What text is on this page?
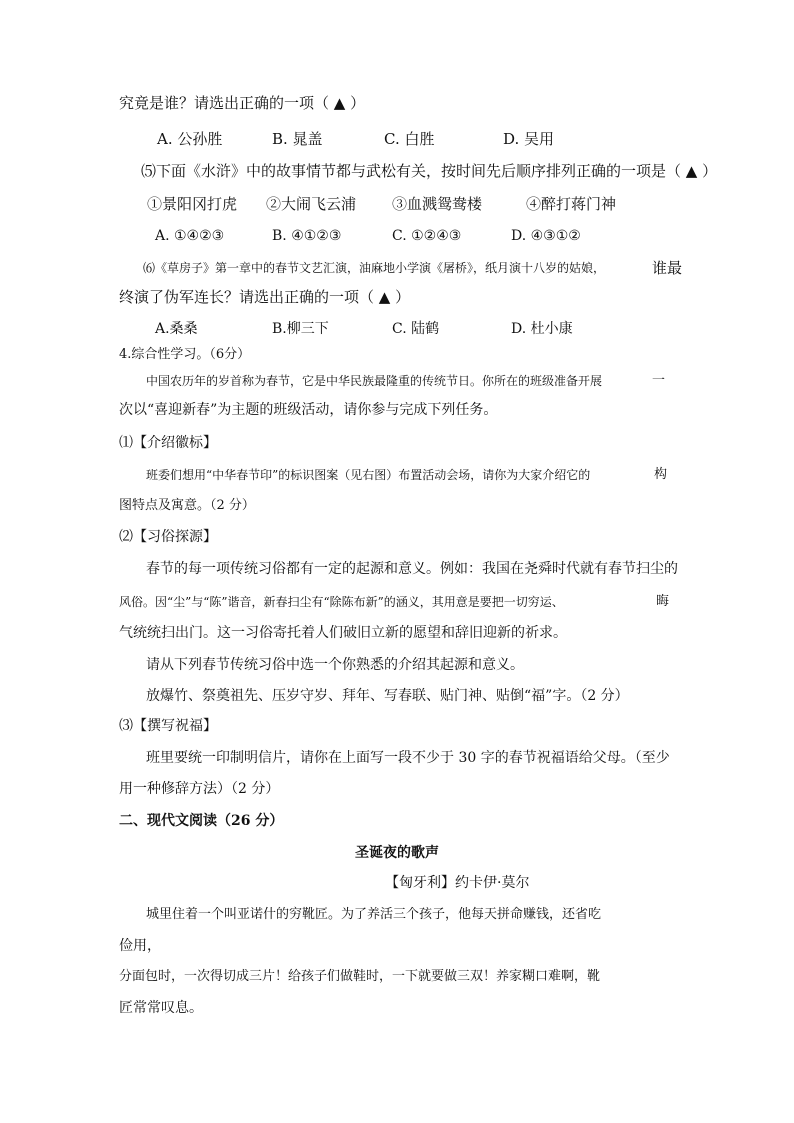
究竟是谁？请选出正确的一项（ ▲ ）
A. 公孙胜	B. 晁盖	C. 白胜	D. 吴用
⑸下面《水浒》中的故事情节都与武松有关，按时间先后顺序排列正确的一项是（ ▲ ）
①景阳冈打虎 ②大闹飞云浦 ③血溅鸳鸯楼	④醉打蒋门神
A. ①④②③	B. ④①②③	C. ①②④③	D. ④③①②
⑹《草房子》第一章中的春节文艺汇演，油麻地小学演《屠桥》，纸月演十八岁的姑娘，	谁最
终演了伪军连长？请选出正确的一项（ ▲ ）
A.桑桑	B.柳三下	C. 陆鹤	D. 杜小康
4.综合性学习。（6分）
中国农历年的岁首称为春节，它是中华民族最隆重的传统节日。你所在的班级准备开展	一
次以“喜迎新春”为主题的班级活动，请你参与完成下列任务。
⑴【介绍徽标】
班委们想用“中华春节印”的标识图案（见右图）布置活动会场，请你为大家介绍它的	构
图特点及寓意。（2 分）
⑵【习俗探源】
春节的每一项传统习俗都有一定的起源和意义。例如：我国在尧舜时代就有春节扫尘的
风俗。因“尘”与“陈”谐音，新春扫尘有“除陈布新”的涵义，其用意是要把一切穷运、	晦
气统统扫出门。这一习俗寄托着人们破旧立新的愿望和辞旧迎新的祈求。
请从下列春节传统习俗中选一个你熟悉的介绍其起源和意义。
放爆竹、祭奠祖先、压岁守岁、拜年、写春联、贴门神、贴倒“福”字。（2 分）
⑶【撰写祝福】
班里要统一印制明信片，请你在上面写一段不少于 30 字的春节祝福语给父母。（至少
用一种修辞方法）（2 分）
二、现代文阅读（26 分）
圣诞夜的歌声
【匈牙利】约卡伊·莫尔
城里住着一个叫亚诺什的穷靴匠。为了养活三个孩子，他每天拼命赚钱，还省吃
俭用，
分面包时，一次得切成三片！给孩子们做鞋时，一下就要做三双！养家糊口难啊，靴
匠常常叹息。
